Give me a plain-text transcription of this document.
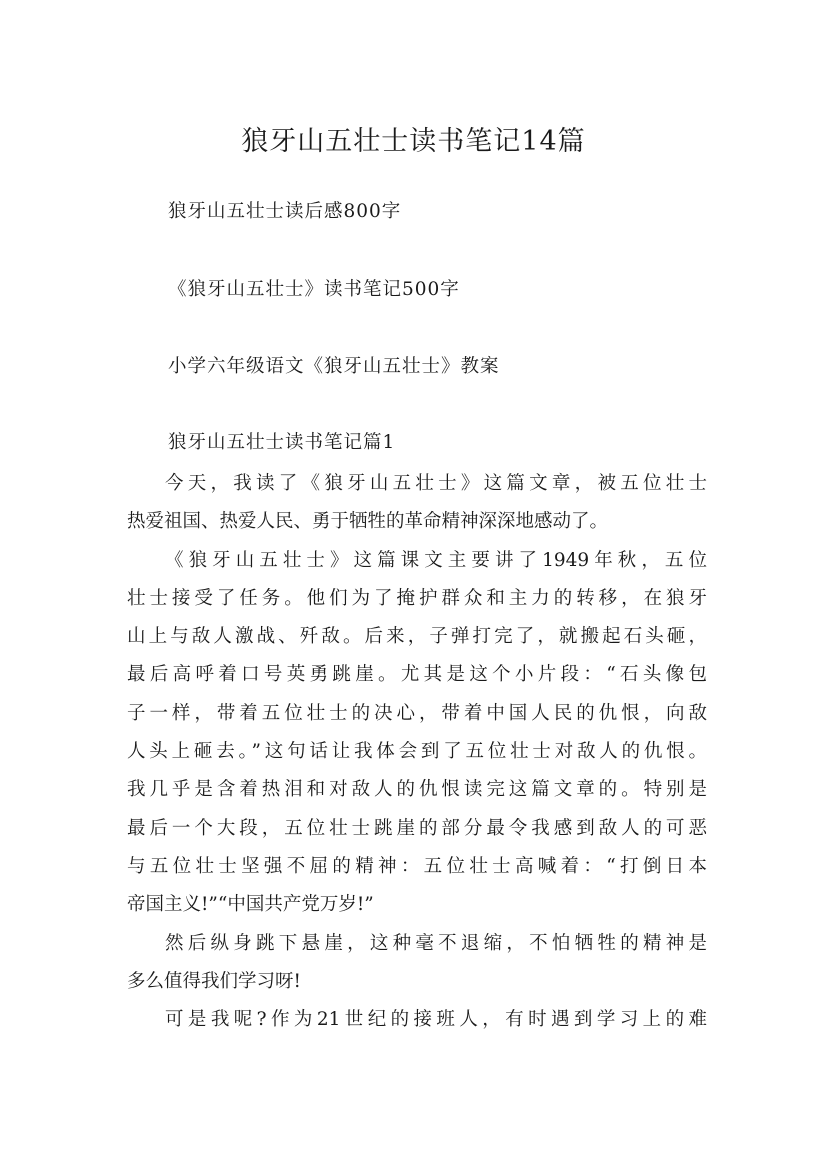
狼牙山五壮士读书笔记14篇
狼牙山五壮士读后感800字
《狼牙山五壮士》读书笔记500字
小学六年级语文《狼牙山五壮士》教案
狼牙山五壮士读书笔记篇1
今天，我读了《狼牙山五壮士》这篇文章，被五位壮士
热爱祖国、热爱人民、勇于牺牲的革命精神深深地感动了。
《狼牙山五壮士》这篇课文主要讲了1949年秋，五位
壮士接受了任务。他们为了掩护群众和主力的转移，在狼牙
山上与敌人激战、歼敌。后来，子弹打完了，就搬起石头砸，
最后高呼着口号英勇跳崖。尤其是这个小片段：“石头像包
子一样，带着五位壮士的决心，带着中国人民的仇恨，向敌
人头上砸去。”这句话让我体会到了五位壮士对敌人的仇恨。
我几乎是含着热泪和对敌人的仇恨读完这篇文章的。特别是
最后一个大段，五位壮士跳崖的部分最令我感到敌人的可恶
与五位壮士坚强不屈的精神：五位壮士高喊着：“打倒日本
帝国主义!”“中国共产党万岁!”
然后纵身跳下悬崖，这种毫不退缩，不怕牺牲的精神是
多么值得我们学习呀!
可是我呢?作为21世纪的接班人，有时遇到学习上的难
